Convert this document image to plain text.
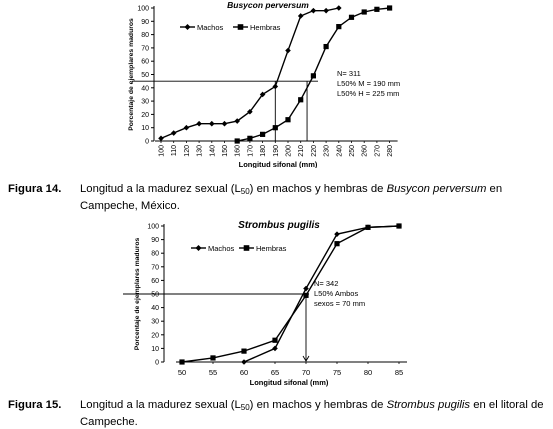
0
10
20
30
40
50
60
70
80
90
100
100 110 120 130 140 150 160 170 180 190 200 210 220 230 240 250 260 270 280
Machos	Hembras
Busycon perversum
Porcentaje de ejemplares maduros
Longitud sifonal (mm)
N= 311
L50% M = 190 mm
L50% H = 225 mm
Figura 14. Longitud a la madurez sexual $(L_{50})$ en machos y hembras de Busycon perversum en Campeche, México.
0
10
20
30
40
50
60
70
80
90
100
50	55	60	65	70	75	80	85
Machos	Hembras
Strombus pugilis
Porcentaje de ejemplares maduros
Longitud sifonal (mm)
N= 342
L50% Ambos
sexos = 70 mm
Figura 15. Longitud a la madurez sexual $(L_{50})$ en machos y hembras de Strombus pugilis en el litoral de Campeche.
